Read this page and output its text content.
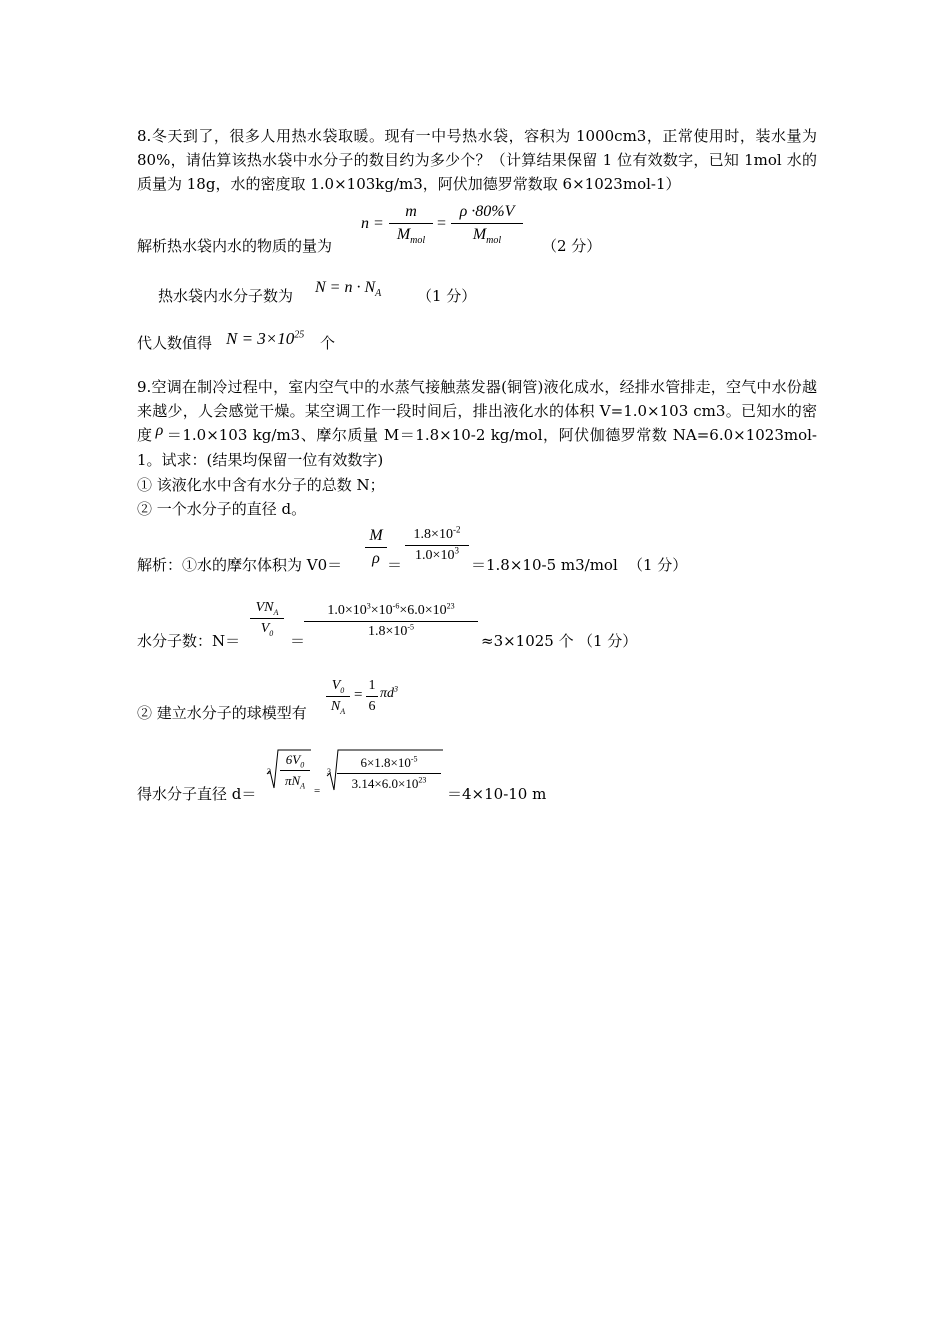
8.冬天到了，很多人用热水袋取暖。现有一中号热水袋，容积为 1000cm3，正常使用时，装水量为 80%，请估算该热水袋中水分子的数目约为多少个？（计算结果保留 1 位有效数字，已知 1mol 水的质量为 18g，水的密度取 1.0×103kg/m3，阿伏加德罗常数取 6×1023mol-1）
解析热水袋内水的物质的量为
n =
m
$M_{mol}$
=
ρ ·80%V
$M_{mol}$	（2 分）
热水袋内水分子数为 $N = n \cdot N_A$ （1 分）
代人数值得 $N = 3\times 10^{25}$ 个
9.空调在制冷过程中，室内空气中的水蒸气接触蒸发器(铜管)液化成水，经排水管排走，空气中水份越来越少，人会感觉干燥。某空调工作一段时间后，排出液化水的体积 V=1.0×103 cm3。已知水的密度 ρ ＝1.0×103 kg/m3、摩尔质量 M＝1.8×10-2 kg/mol，阿伏伽德罗常数 NA=6.0×1023mol-1。试求：(结果均保留一位有效数字)
① 该液化水中含有水分子的总数 N；
② 一个水分子的直径 d。
解析：①水的摩尔体积为 $V0= \frac{M}{\rho}$ ＝
$\frac{1.8\times 10^{-2}}{1.0\times 10^3}$
＝1.8×10-5 m3/mol （1 分）
水分子数：N＝
$VN_A$
$V_0$	＝
$\frac{1.0\times 10^3\times 10^{-6}\times 6.0\times 10^{23}}{1.8\times 10^{-5}}$
≈3×1025 个 （1 分）
② 建立水分子的球模型有 $\frac{V_0}{N_A} = \frac{1}{6} \pi d^3$
得水分子直径 d＝
3
$6V_0$
$\pi N_A$ =
$3 \frac{6\times 1.8\times 10^{-5}}{3.14\times 6.0\times 10^{23}}$
＝4×10-10 m
